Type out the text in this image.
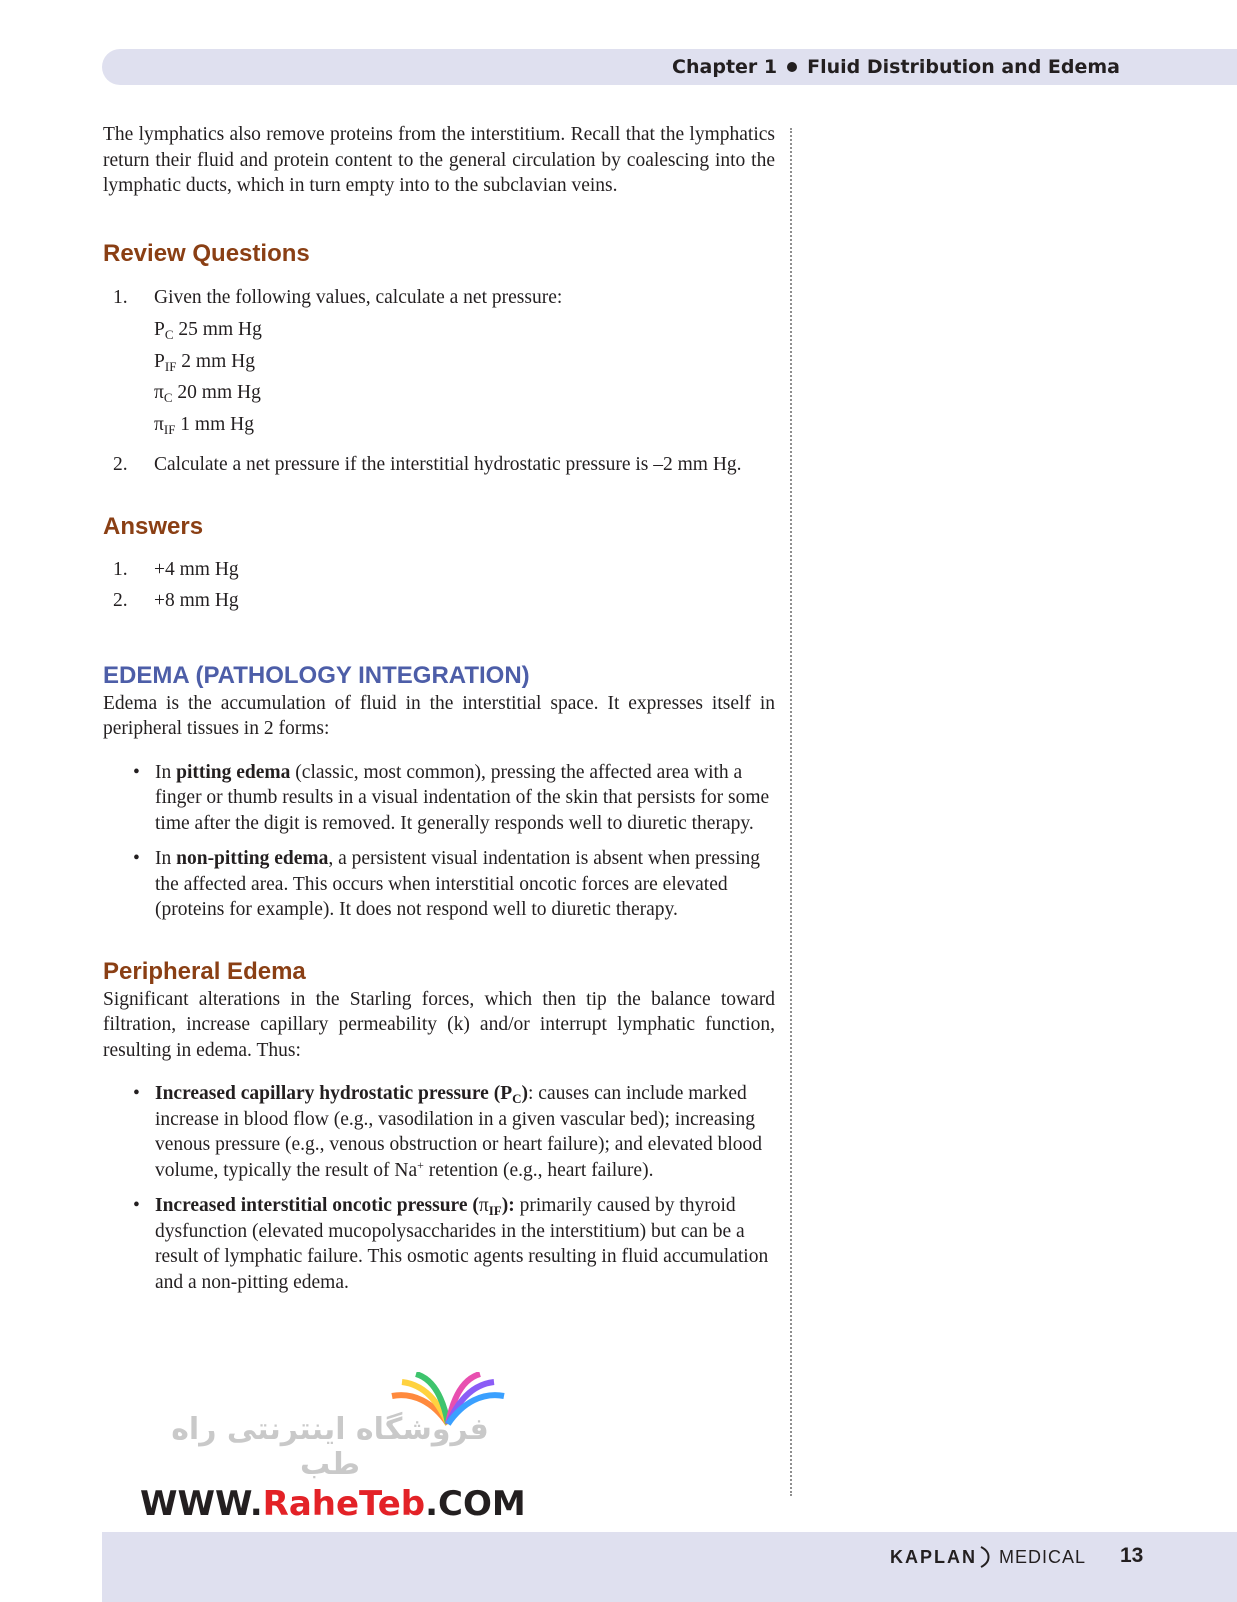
Chapter 1 Fluid Distribution and Edema

The lymphatics also remove proteins from the interstitium. Recall that the lymphatics return their fluid and protein content to the general circulation by coalescing into the lymphatic ducts, which in turn empty into to the subclavian veins.

Review Questions
1.	Given the following values, calculate a net pressure:
$P_C$ 25 mm Hg
$P_{IF}$ 2 mm Hg
$\pi_C$ 20 mm Hg
$\pi_{IF}$ 1 mm Hg
2.	Calculate a net pressure if the interstitial hydrostatic pressure is –2 mm Hg.
Answers
1.	+4 mm Hg
2.	+8 mm Hg
EDEMA (PATHOLOGY INTEGRATION)

Edema is the accumulation of fluid in the interstitial space. It expresses itself in peripheral tissues in 2 forms:

• In pitting edema (classic, most common), pressing the affected area with a finger or thumb results in a visual indentation of the skin that persists for some time after the digit is removed. It generally responds well to diuretic therapy.
• In non-pitting edema, a persistent visual indentation is absent when pressing the affected area. This occurs when interstitial oncotic forces are elevated (proteins for example). It does not respond well to diuretic therapy.
Peripheral Edema

Significant alterations in the Starling forces, which then tip the balance toward filtration, increase capillary permeability (k) and/or interrupt lymphatic function, resulting in edema. Thus:

• Increased capillary hydrostatic pressure $(P_C)$: causes can include marked increase in blood flow (e.g., vasodilation in a given vascular bed); increasing venous pressure (e.g., venous obstruction or heart failure); and elevated blood volume, typically the result of Na+ retention (e.g., heart failure).
• Increased interstitial oncotic pressure $(\pi_{IF})$: primarily caused by thyroid dysfunction (elevated mucopolysaccharides in the interstitium) but can be a result of lymphatic failure. This osmotic agents resulting in fluid accumulation and a non-pitting edema.
فروشگاه اینترنتی راه طب
WWW.RaheTeb.COM
KAPLAN MEDICAL 13
